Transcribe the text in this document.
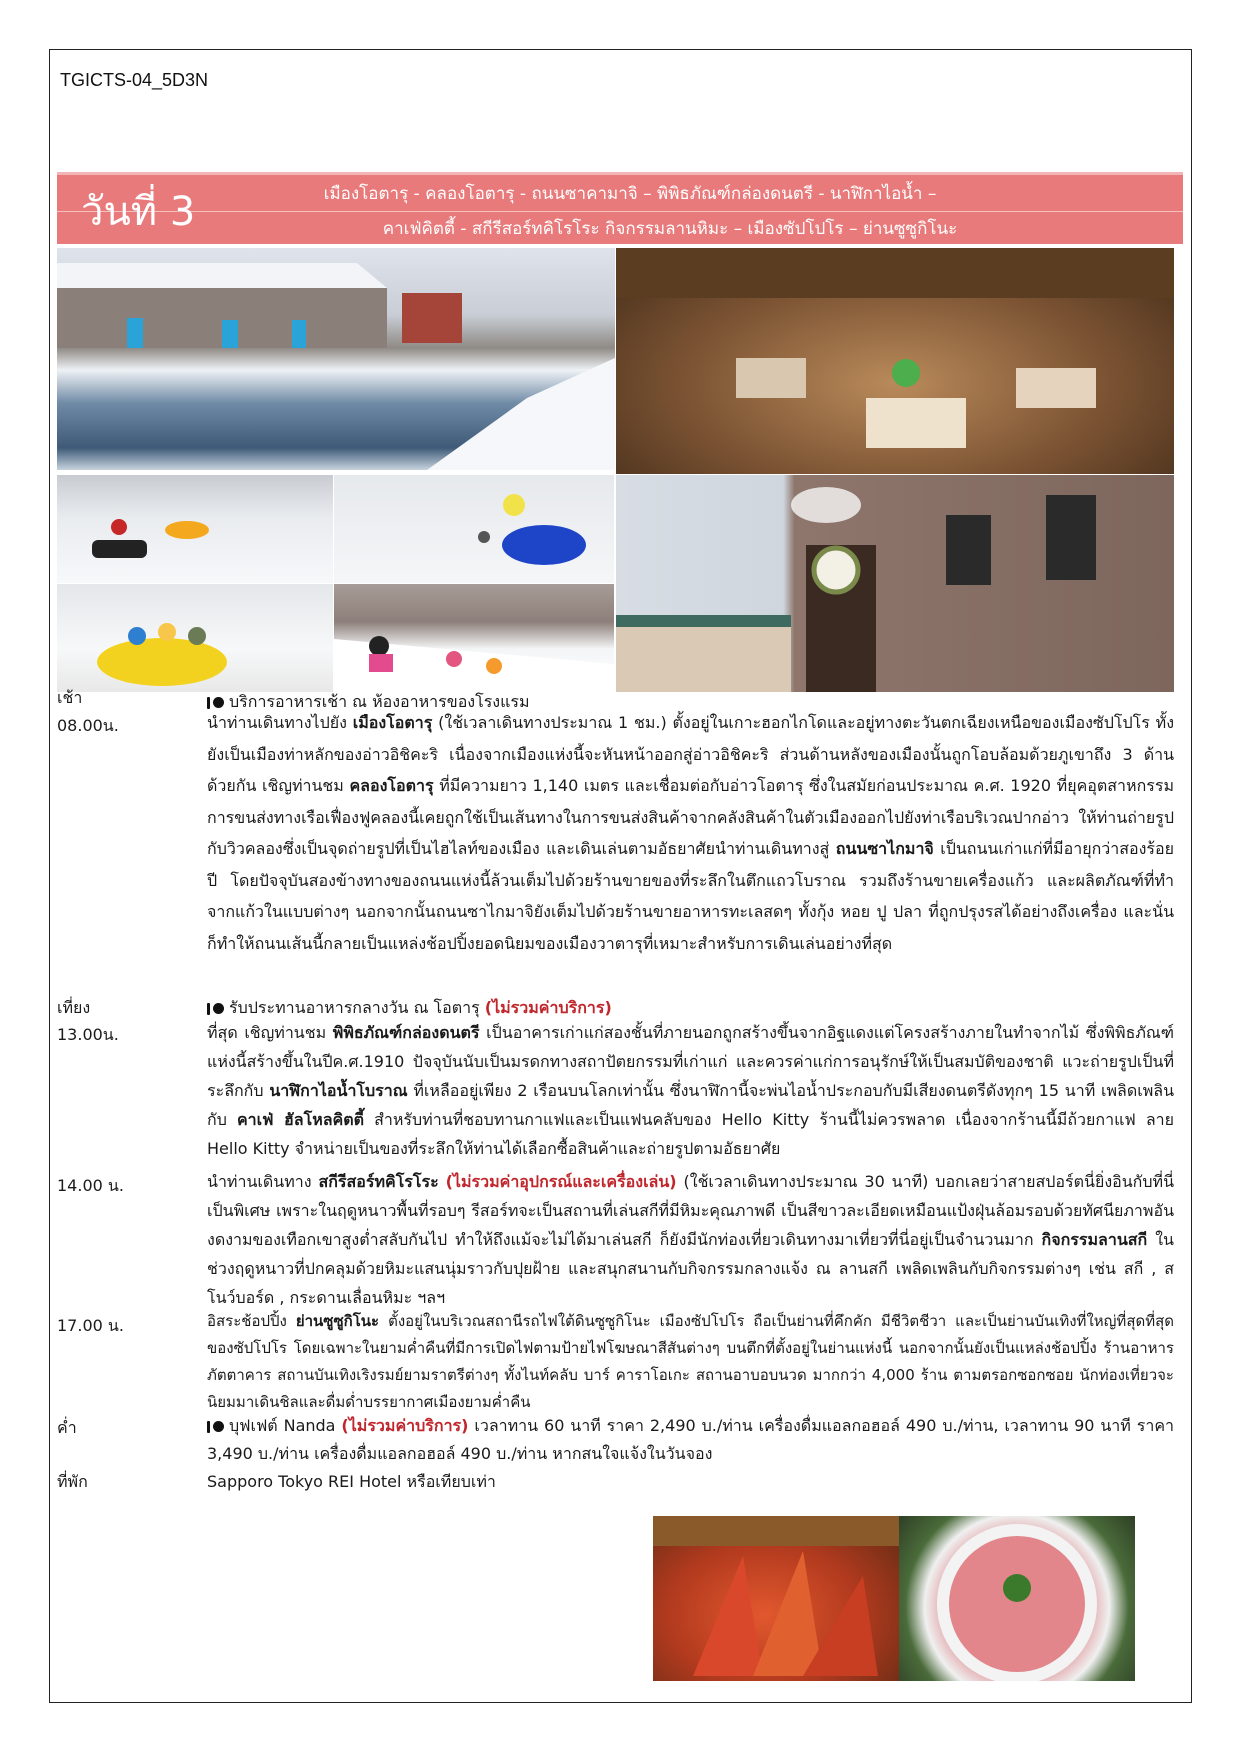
TGICTS-04_5D3N
วันที่ 3	เมืองโอตารุ - คลองโอตารุ - ถนนซาคามาจิ – พิพิธภัณฑ์กล่องดนตรี - นาฬิกาไอน้ำ –
คาเฟ่คิตตี้ - สกีรีสอร์ทคิโรโระ กิจกรรมลานหิมะ – เมืองซัปโปโร – ย่านซูซูกิโนะ
เช้า	บริการอาหารเช้า ณ ห้องอาหารของโรงแรม
08.00น.	นำท่านเดินทางไปยัง เมืองโอตารุ (ใช้เวลาเดินทางประมาณ 1 ชม.) ตั้งอยู่ในเกาะฮอกไกโดและอยู่ทางตะวันตกเฉียงเหนือของเมืองซัปโปโร ทั้งยังเป็นเมืองท่าหลักของอ่าวอิชิคะริ เนื่องจากเมืองแห่งนี้จะหันหน้าออกสู่อ่าวอิชิคะริ ส่วนด้านหลังของเมืองนั้นถูกโอบล้อมด้วยภูเขาถึง 3 ด้านด้วยกัน เชิญท่านชม คลองโอตารุ ที่มีความยาว 1,140 เมตร และเชื่อมต่อกับอ่าวโอตารุ ซึ่งในสมัยก่อนประมาณ ค.ศ. 1920 ที่ยุคอุตสาหกรรมการขนส่งทางเรือเฟื่องฟูคลองนี้เคยถูกใช้เป็นเส้นทางในการขนส่งสินค้าจากคลังสินค้าในตัวเมืองออกไปยังท่าเรือบริเวณปากอ่าว ให้ท่านถ่ายรูปกับวิวคลองซึ่งเป็นจุดถ่ายรูปที่เป็นไฮไลท์ของเมือง และเดินเล่นตามอัธยาศัยนำท่านเดินทางสู่ ถนนซาไกมาจิ เป็นถนนเก่าแก่ที่มีอายุกว่าสองร้อยปี โดยปัจจุบันสองข้างทางของถนนแห่งนี้ล้วนเต็มไปด้วยร้านขายของที่ระลึกในตึกแถวโบราณ รวมถึงร้านขายเครื่องแก้ว และผลิตภัณฑ์ที่ทำจากแก้วในแบบต่างๆ นอกจากนั้นถนนซาไกมาจิยังเต็มไปด้วยร้านขายอาหารทะเลสดๆ ทั้งกุ้ง หอย ปู ปลา ที่ถูกปรุงรสได้อย่างถึงเครื่อง และนั่นก็ทำให้ถนนเส้นนี้กลายเป็นแหล่งช้อปปิ้งยอดนิยมของเมืองวาตารุที่เหมาะสำหรับการเดินเล่นอย่างที่สุด
เที่ยง	รับประทานอาหารกลางวัน ณ โอตารุ (ไม่รวมค่าบริการ)
13.00น.	ที่สุด เชิญท่านชม พิพิธภัณฑ์กล่องดนตรี เป็นอาคารเก่าแก่สองชั้นที่ภายนอกถูกสร้างขึ้นจากอิฐแดงแต่โครงสร้างภายในทำจากไม้ ซึ่งพิพิธภัณฑ์แห่งนี้สร้างขึ้นในปีค.ศ.1910 ปัจจุบันนับเป็นมรดกทางสถาปัตยกรรมที่เก่าแก่ และควรค่าแก่การอนุรักษ์ให้เป็นสมบัติของชาติ แวะถ่ายรูปเป็นที่ระลึกกับ นาฬิกาไอน้ำโบราณ ที่เหลืออยู่เพียง 2 เรือนบนโลกเท่านั้น ซึ่งนาฬิกานี้จะพ่นไอน้ำประกอบกับมีเสียงดนตรีดังทุกๆ 15 นาที เพลิดเพลินกับ คาเฟ่ ฮัลโหลคิตตี้ สำหรับท่านที่ชอบทานกาแฟและเป็นแฟนคลับของ Hello Kitty ร้านนี้ไม่ควรพลาด เนื่องจากร้านนี้มีถ้วยกาแฟ ลาย Hello Kitty จำหน่ายเป็นของที่ระลึกให้ท่านได้เลือกซื้อสินค้าและถ่ายรูปตามอัธยาศัย
14.00 น.	นำท่านเดินทาง สกีรีสอร์ทคิโรโระ (ไม่รวมค่าอุปกรณ์และเครื่องเล่น) (ใช้เวลาเดินทางประมาณ 30 นาที) บอกเลยว่าสายสปอร์ตนี่ยิ่งอินกับที่นี่เป็นพิเศษ เพราะในฤดูหนาวพื้นที่รอบๆ รีสอร์ทจะเป็นสถานที่เล่นสกีที่มีหิมะคุณภาพดี เป็นสีขาวละเอียดเหมือนแป้งฝุ่นล้อมรอบด้วยทัศนียภาพอันงดงามของเทือกเขาสูงต่ำสลับกันไป ทำให้ถึงแม้จะไม่ได้มาเล่นสกี ก็ยังมีนักท่องเที่ยวเดินทางมาเที่ยวที่นี่อยู่เป็นจำนวนมาก กิจกรรมลานสกี ในช่วงฤดูหนาวที่ปกคลุมด้วยหิมะแสนนุ่มราวกับปุยฝ้าย และสนุกสนานกับกิจกรรมกลางแจ้ง ณ ลานสกี เพลิดเพลินกับกิจกรรมต่างๆ เช่น สกี , สโนว์บอร์ด , กระดานเลื่อนหิมะ ฯลฯ
17.00 น.	อิสระช้อปปิ้ง ย่านซูซูกิโนะ ตั้งอยู่ในบริเวณสถานีรถไฟใต้ดินซูซูกิโนะ เมืองซัปโปโร ถือเป็นย่านที่คึกคัก มีชีวิตชีวา และเป็นย่านบันเทิงที่ใหญ่ที่สุดที่สุดของซัปโปโร โดยเฉพาะในยามค่ำคืนที่มีการเปิดไฟตามป้ายไฟโฆษณาสีสันต่างๆ บนตึกที่ตั้งอยู่ในย่านแห่งนี้ นอกจากนั้นยังเป็นแหล่งช้อปปิ้ง ร้านอาหาร ภัตตาคาร สถานบันเทิงเริงรมย์ยามราตรีต่างๆ ทั้งไนท์คลับ บาร์ คาราโอเกะ สถานอาบอบนวด มากกว่า 4,000 ร้าน ตามตรอกซอกซอย นักท่องเที่ยวจะนิยมมาเดินชิลและดื่มด่ำบรรยากาศเมืองยามค่ำคืน
ค่ำ	บุฟเฟต์ Nanda (ไม่รวมค่าบริการ) เวลาทาน 60 นาที ราคา 2,490 บ./ท่าน เครื่องดื่มแอลกอฮอล์ 490 บ./ท่าน, เวลาทาน 90 นาที ราคา 3,490 บ./ท่าน เครื่องดื่มแอลกอฮอล์ 490 บ./ท่าน หากสนใจแจ้งในวันจอง
ที่พัก	Sapporo Tokyo REI Hotel หรือเทียบเท่า
